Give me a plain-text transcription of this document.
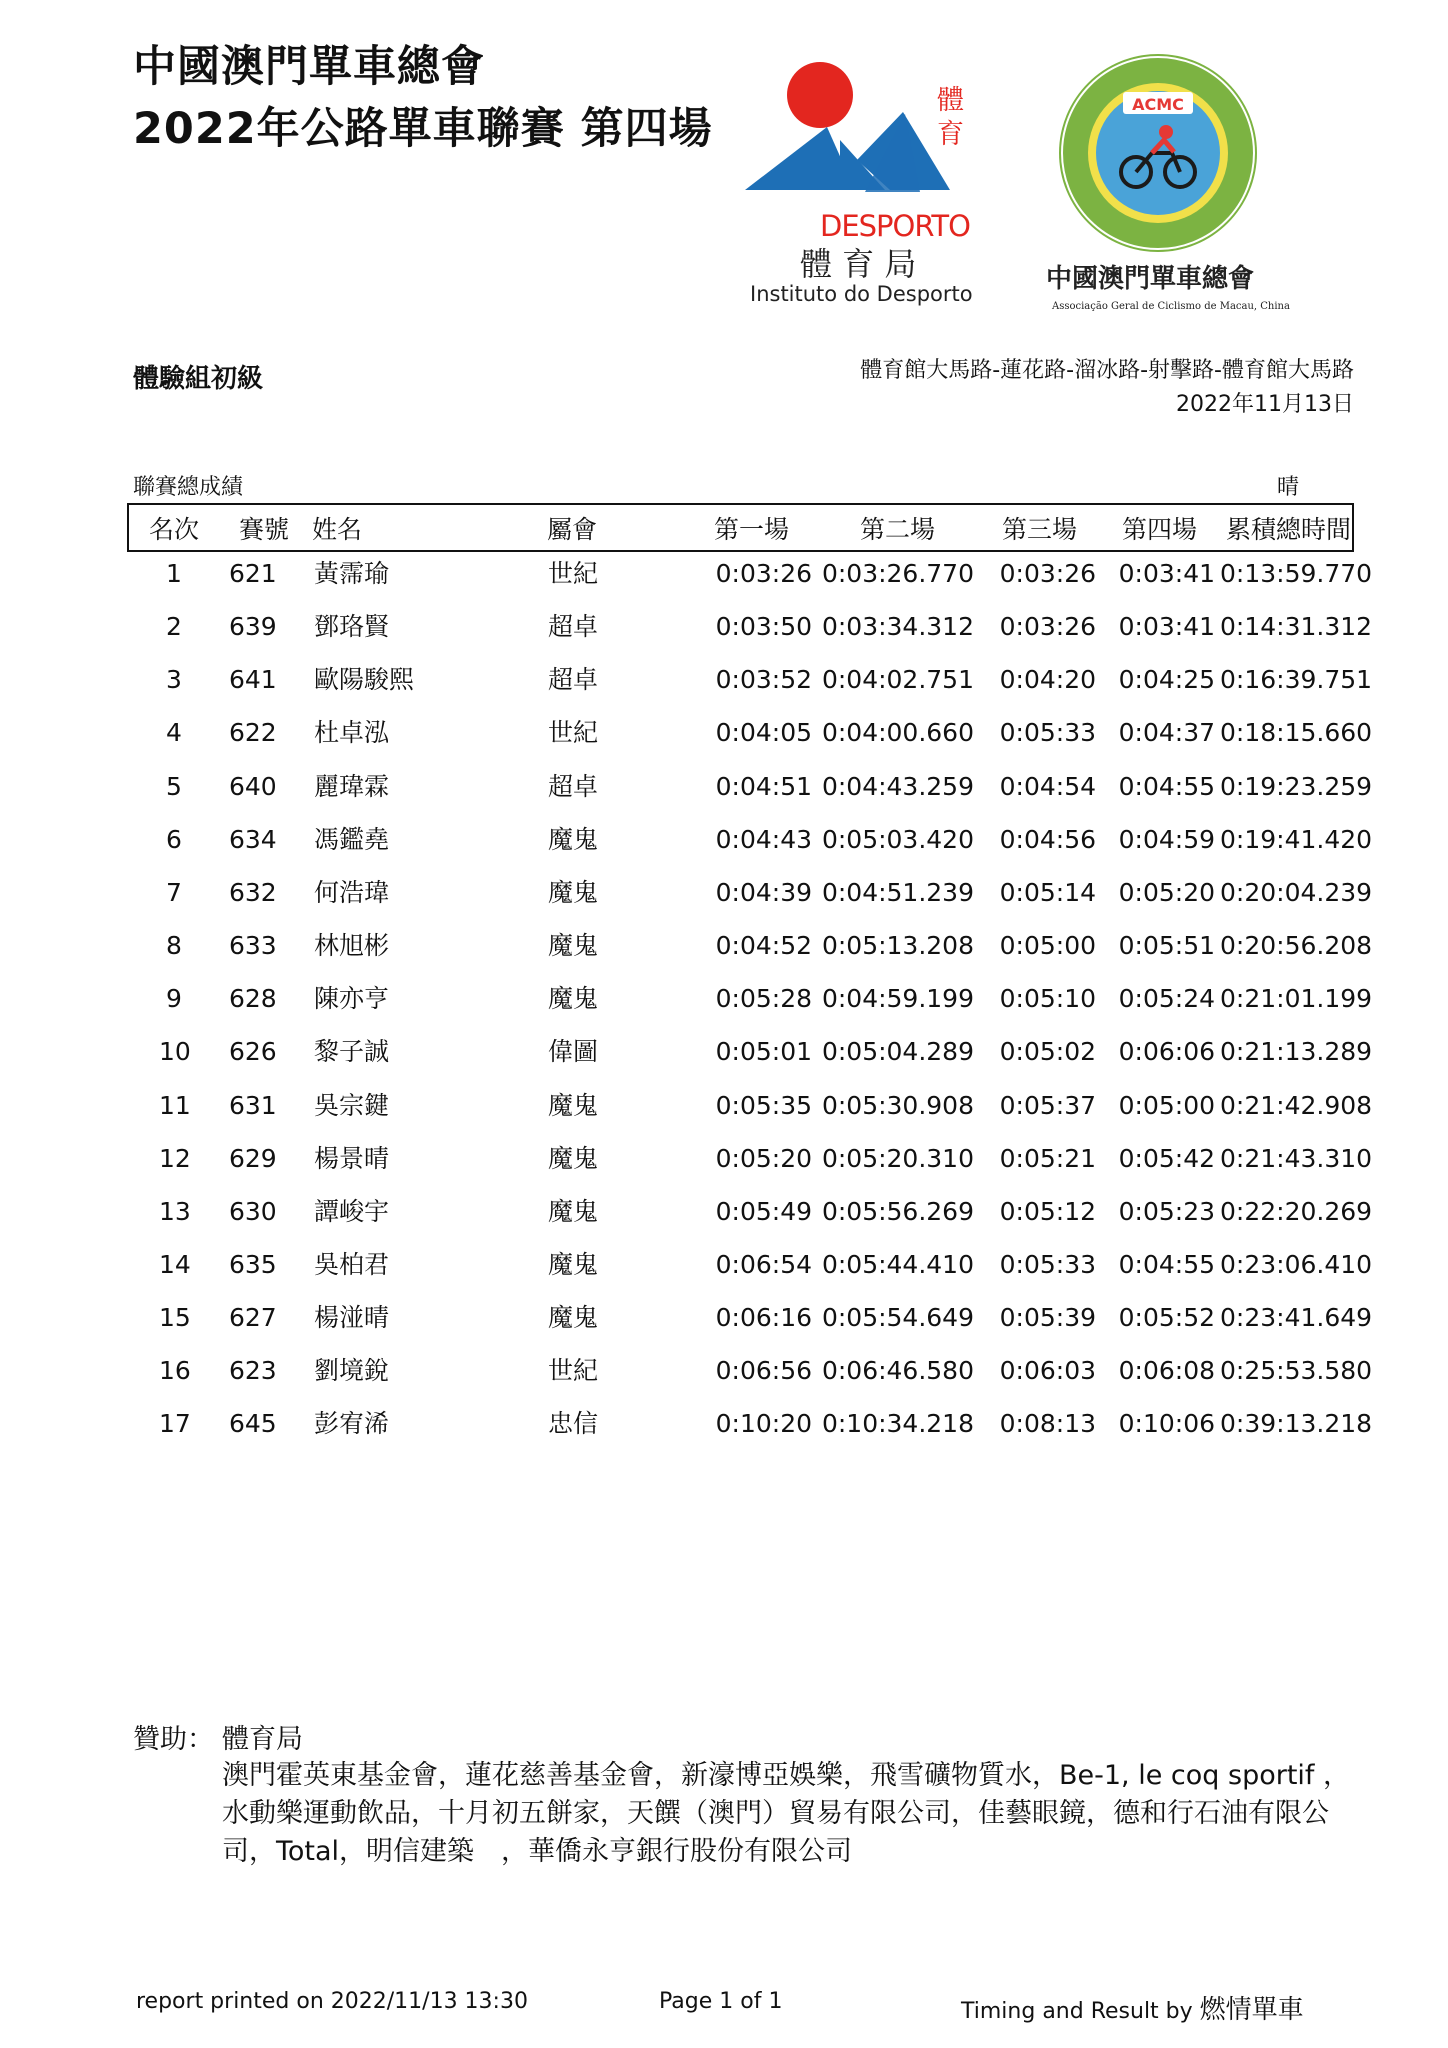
中國澳門單車總會
2022年公路單車聯賽 第四場
體育
DESPORTO
體 育 局
Instituto do Desporto
ACMC
中國澳門單車總會
Associação Geral de Ciclismo de Macau, China
體驗組初級	體育館大馬路-蓮花路-溜冰路-射擊路-體育館大馬路
2022年11月13日
聯賽總成績	晴
名次 賽號 姓名	屬會	第一場	第二場	第三場 第四場 累積總時間
1 621 黃霈瑜	世紀	0:03:26 0:03:26.770	0:03:26 0:03:41 0:13:59.770
2 639 鄧珞賢	超卓	0:03:50 0:03:34.312	0:03:26 0:03:41 0:14:31.312
3 641 歐陽駿熙	超卓	0:03:52 0:04:02.751	0:04:20 0:04:25 0:16:39.751
4 622 杜卓泓	世紀	0:04:05 0:04:00.660	0:05:33 0:04:37 0:18:15.660
5 640 麗瑋霖	超卓	0:04:51 0:04:43.259	0:04:54 0:04:55 0:19:23.259
6 634 馮鑑堯	魔鬼	0:04:43 0:05:03.420	0:04:56 0:04:59 0:19:41.420
7 632 何浩瑋	魔鬼	0:04:39 0:04:51.239	0:05:14 0:05:20 0:20:04.239
8 633 林旭彬	魔鬼	0:04:52 0:05:13.208	0:05:00 0:05:51 0:20:56.208
9 628 陳亦亨	魔鬼	0:05:28 0:04:59.199	0:05:10 0:05:24 0:21:01.199
10 626 黎子誠	偉圖	0:05:01 0:05:04.289	0:05:02 0:06:06 0:21:13.289
11 631 吳宗鍵	魔鬼	0:05:35 0:05:30.908	0:05:37 0:05:00 0:21:42.908
12 629 楊景晴	魔鬼	0:05:20 0:05:20.310	0:05:21 0:05:42 0:21:43.310
13 630 譚峻宇	魔鬼	0:05:49 0:05:56.269	0:05:12 0:05:23 0:22:20.269
14 635 吳柏君	魔鬼	0:06:54 0:05:44.410	0:05:33 0:04:55 0:23:06.410
15 627 楊湴晴	魔鬼	0:06:16 0:05:54.649	0:05:39 0:05:52 0:23:41.649
16 623 劉境銳	世紀	0:06:56 0:06:46.580	0:06:03 0:06:08 0:25:53.580
17 645 彭宥浠	忠信	0:10:20 0:10:34.218	0:08:13 0:10:06 0:39:13.218
贊助： 體育局
澳門霍英東基金會，蓮花慈善基金會，新濠博亞娛樂，飛雪礦物質水，Be-1, le coq sportif ，
水動樂運動飲品，十月初五餅家，天饌（澳門）貿易有限公司，佳藝眼鏡，德和行石油有限公
司，Total，明信建築　，華僑永亨銀行股份有限公司
report printed on 2022/11/13 13:30	Page 1 of 1	Timing and Result by 燃情單車
